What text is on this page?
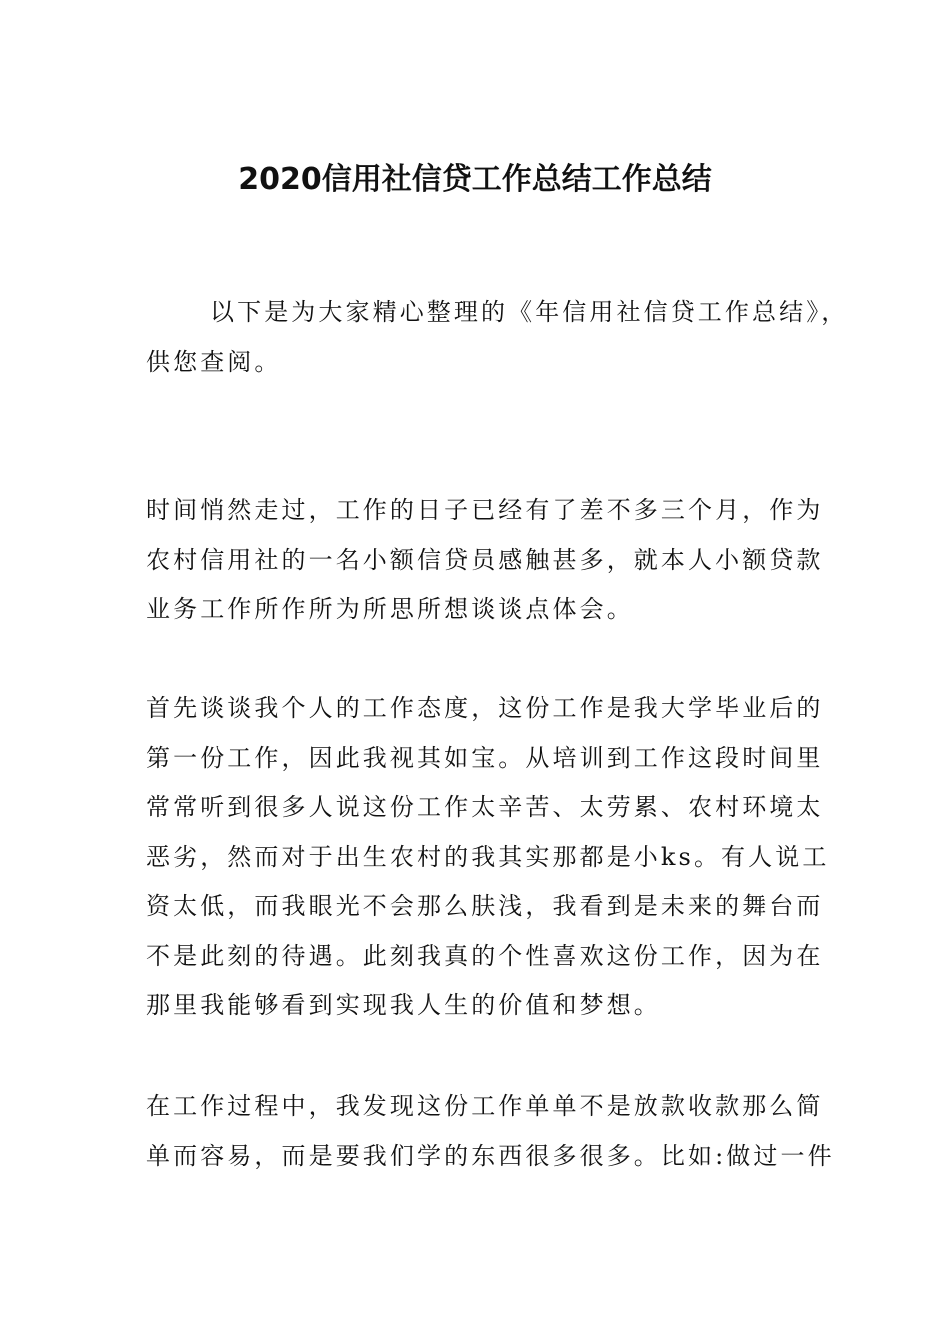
2020信用社信贷工作总结工作总结

以下是为大家精心整理的《年信用社信贷工作总结》，
供您查阅。

时间悄然走过，工作的日子已经有了差不多三个月，作为
农村信用社的一名小额信贷员感触甚多，就本人小额贷款
业务工作所作所为所思所想谈谈点体会。

首先谈谈我个人的工作态度，这份工作是我大学毕业后的
第一份工作，因此我视其如宝。从培训到工作这段时间里
常常听到很多人说这份工作太辛苦、太劳累、农村环境太
恶劣，然而对于出生农村的我其实那都是小ks。有人说工
资太低，而我眼光不会那么肤浅，我看到是未来的舞台而
不是此刻的待遇。此刻我真的个性喜欢这份工作，因为在
那里我能够看到实现我人生的价值和梦想。

在工作过程中，我发现这份工作单单不是放款收款那么简
单而容易，而是要我们学的东西很多很多。比如:做过一件
